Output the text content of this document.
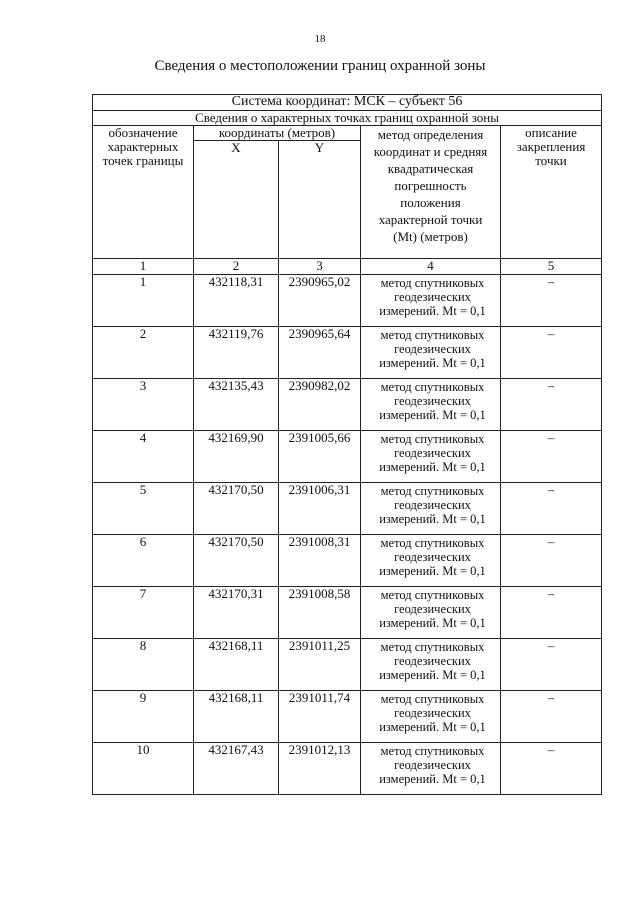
18
Сведения о местоположении границ охранной зоны
Система координат: МСК – субъект 56				
Сведения о характерных точках границ охранной зоны				
обозначение характерных точек границы	координаты (метров)		метод определения координат и средняя квадратическая погрешность положения характерной точки (Mt) (метров)	описание закрепления точки
	X	Y		
1	2	3	4	5
1	432118,31	2390965,02	метод спутниковых геодезических измерений. Mt = 0,1	–
2	432119,76	2390965,64	метод спутниковых геодезических измерений. Mt = 0,1	–
3	432135,43	2390982,02	метод спутниковых геодезических измерений. Mt = 0,1	–
4	432169,90	2391005,66	метод спутниковых геодезических измерений. Mt = 0,1	–
5	432170,50	2391006,31	метод спутниковых геодезических измерений. Mt = 0,1	–
6	432170,50	2391008,31	метод спутниковых геодезических измерений. Mt = 0,1	–
7	432170,31	2391008,58	метод спутниковых геодезических измерений. Mt = 0,1	–
8	432168,11	2391011,25	метод спутниковых геодезических измерений. Mt = 0,1	–
9	432168,11	2391011,74	метод спутниковых геодезических измерений. Mt = 0,1	–
10	432167,43	2391012,13	метод спутниковых геодезических измерений. Mt = 0,1	–
